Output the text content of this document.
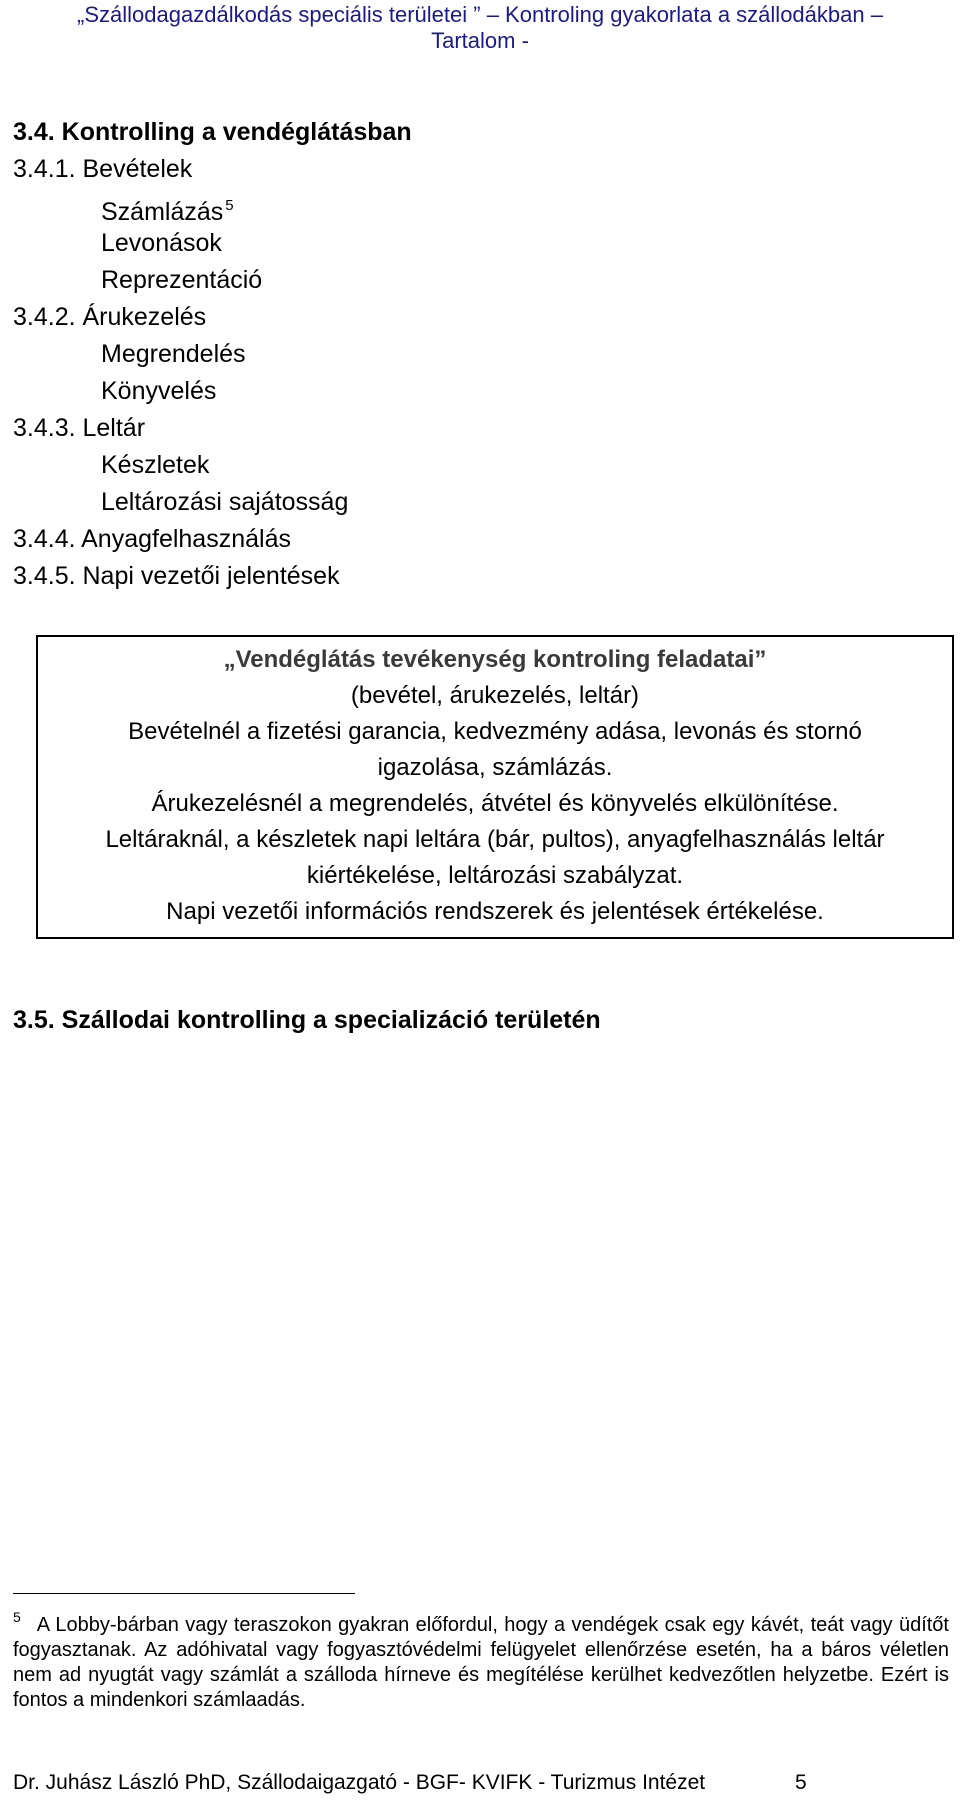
„Szállodagazdálkodás speciális területei ” – Kontroling gyakorlata a szállodákban –
Tartalom -
3.4. Kontrolling a vendéglátásban
3.4.1. Bevételek
Számlázás $^5$
Levonások
Reprezentáció
3.4.2. Árukezelés
Megrendelés
Könyvelés
3.4.3. Leltár
Készletek
Leltározási sajátosság
3.4.4. Anyagfelhasználás
3.4.5. Napi vezetői jelentések

„Vendéglátás tevékenység kontroling feladatai”

(bevétel, árukezelés, leltár)

Bevételnél a fizetési garancia, kedvezmény adása, levonás és stornó

igazolása, számlázás.

Árukezelésnél a megrendelés, átvétel és könyvelés elkülönítése.

Leltáraknál, a készletek napi leltára (bár, pultos), anyagfelhasználás leltár

kiértékelése, leltározási szabályzat.

Napi vezetői információs rendszerek és jelentések értékelése.

3.5. Szállodai kontrolling a specializáció területén
$^5$ A Lobby-bárban vagy teraszokon gyakran előfordul, hogy a vendégek csak egy kávét, teát vagy üdítőt fogyasztanak. Az adóhivatal vagy fogyasztóvédelmi felügyelet ellenőrzése esetén, ha a báros véletlen nem ad nyugtát vagy számlát a szálloda hírneve és megítélése kerülhet kedvezőtlen helyzetbe. Ezért is fontos a mindenkori számlaadás.
Dr. Juhász László PhD, Szállodaigazgató - BGF- KVIFK - Turizmus Intézet	5
